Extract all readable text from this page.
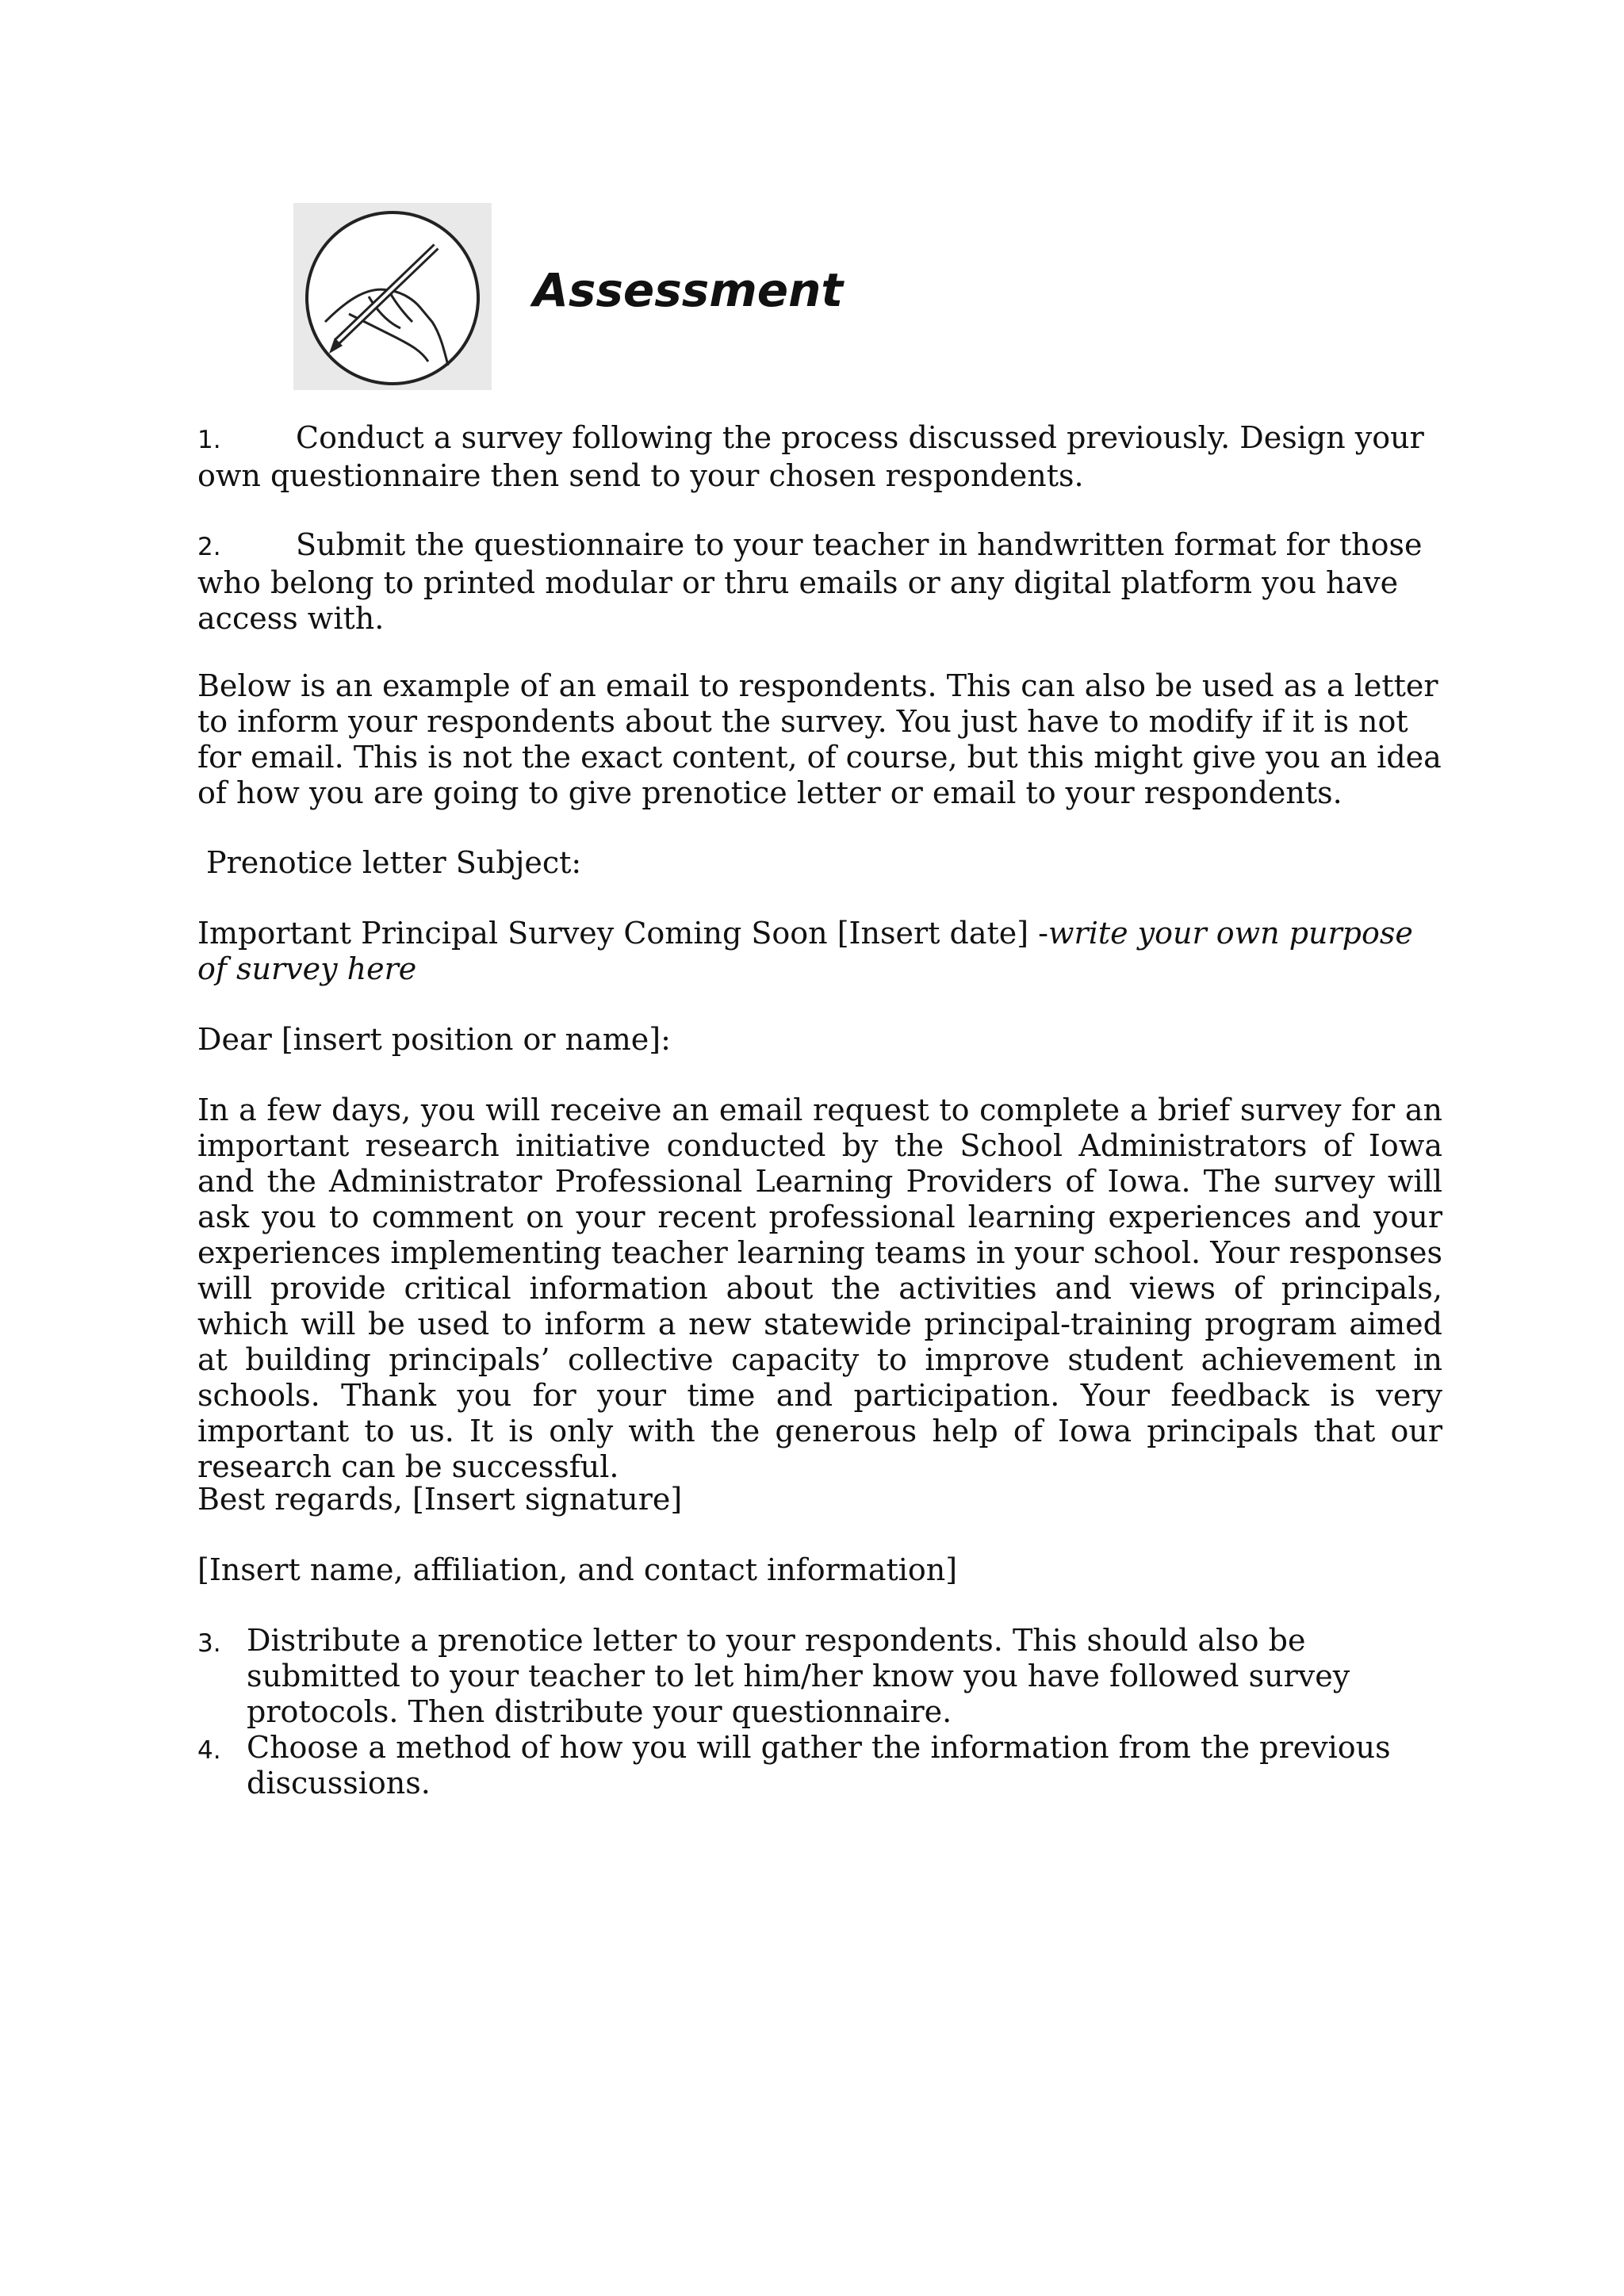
Assessment

1. Conduct a survey following the process discussed previously. Design your own questionnaire then send to your chosen respondents.

2. Submit the questionnaire to your teacher in handwritten format for those who belong to printed modular or thru emails or any digital platform you have access with.

Below is an example of an email to respondents. This can also be used as a letter to inform your respondents about the survey. You just have to modify if it is not for email. This is not the exact content, of course, but this might give you an idea of how you are going to give prenotice letter or email to your respondents.

Prenotice letter Subject:

Important Principal Survey Coming Soon [Insert date] -write your own purpose of survey here

Dear [insert position or name]:

In a few days, you will receive an email request to complete a brief survey for an important research initiative conducted by the School Administrators of Iowa and the Administrator Professional Learning Providers of Iowa. The survey will ask you to comment on your recent professional learning experiences and your experiences implementing teacher learning teams in your school. Your responses will provide critical information about the activities and views of principals, which will be used to inform a new statewide principal-training program aimed at building principals’ collective capacity to improve student achievement in schools. Thank you for your time and participation. Your feedback is very important to us. It is only with the generous help of Iowa principals that our research can be successful.

Best regards, [Insert signature]

[Insert name, affiliation, and contact information]

3. Distribute a prenotice letter to your respondents. This should also be submitted to your teacher to let him/her know you have followed survey protocols. Then distribute your questionnaire.
4. Choose a method of how you will gather the information from the previous discussions.
